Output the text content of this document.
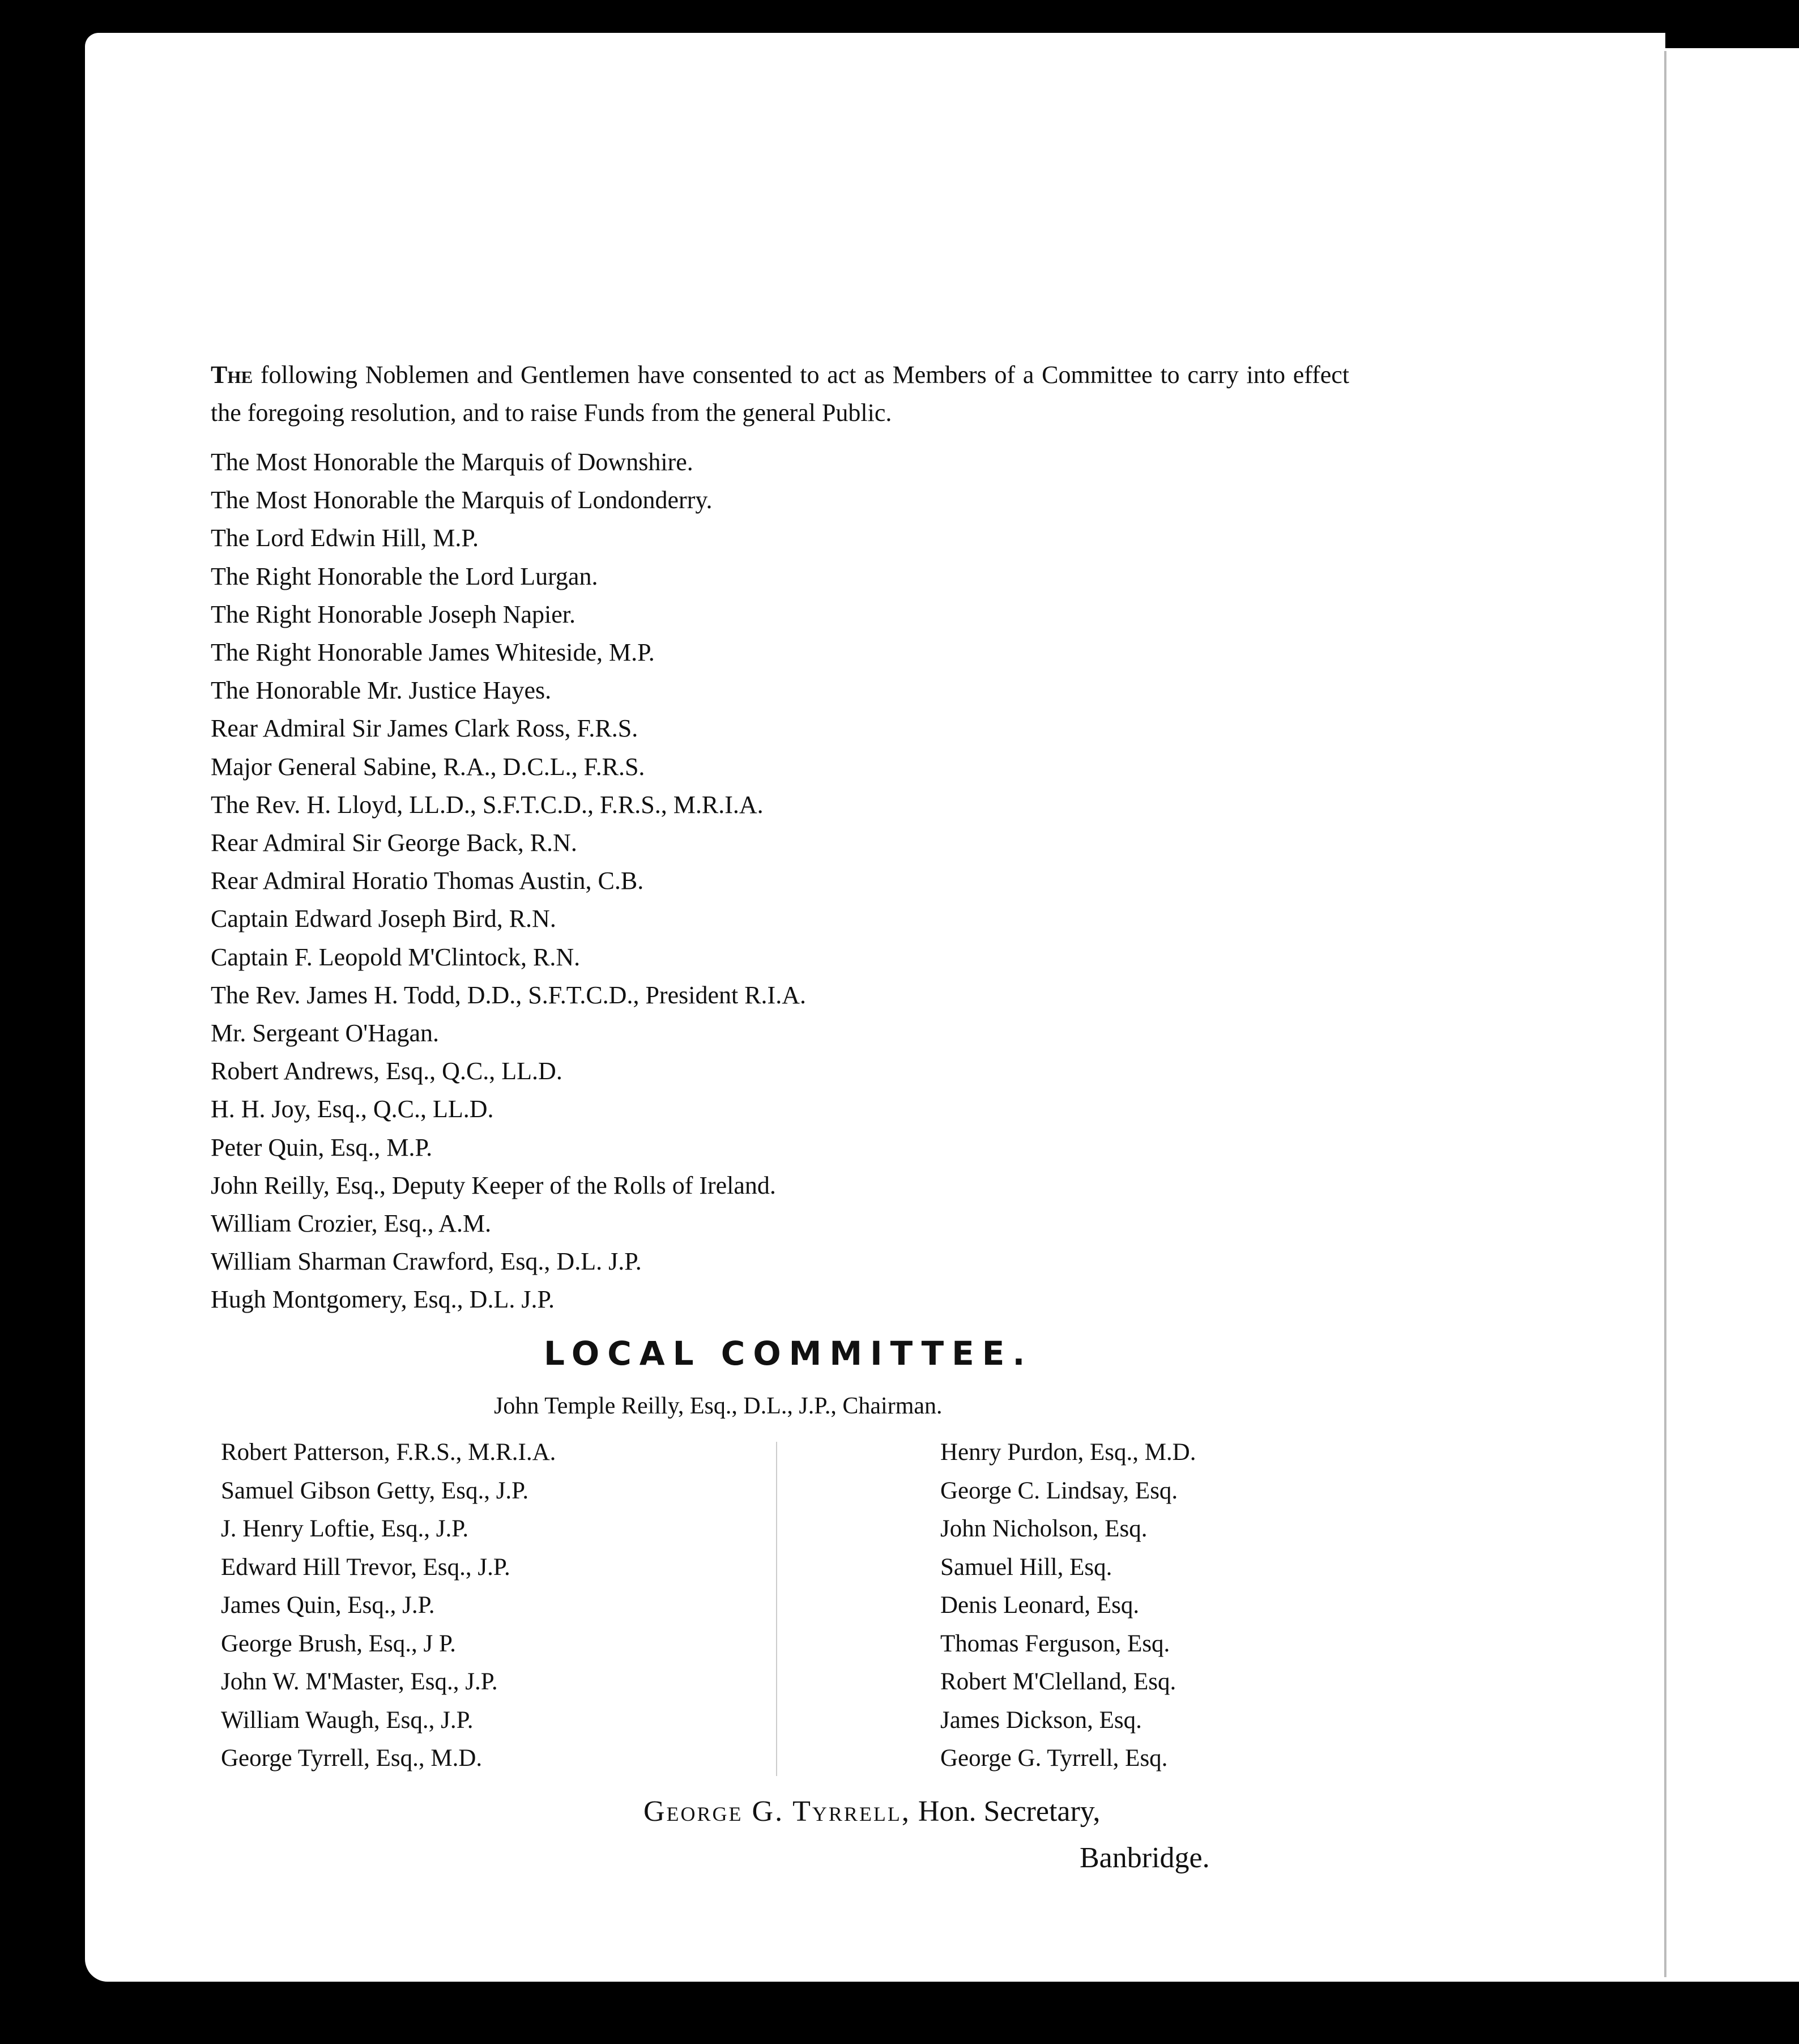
The following Noblemen and Gentlemen have consented to act as Members of a Committee to carry into effect the foregoing resolution, and to raise Funds from the general Public.
The Most Honorable the Marquis of Downshire.
The Most Honorable the Marquis of Londonderry.
The Lord Edwin Hill, M.P.
The Right Honorable the Lord Lurgan.
The Right Honorable Joseph Napier.
The Right Honorable James Whiteside, M.P.
The Honorable Mr. Justice Hayes.
Rear Admiral Sir James Clark Ross, F.R.S.
Major General Sabine, R.A., D.C.L., F.R.S.
The Rev. H. Lloyd, LL.D., S.F.T.C.D., F.R.S., M.R.I.A.
Rear Admiral Sir George Back, R.N.
Rear Admiral Horatio Thomas Austin, C.B.
Captain Edward Joseph Bird, R.N.
Captain F. Leopold M'Clintock, R.N.
The Rev. James H. Todd, D.D., S.F.T.C.D., President R.I.A.
Mr. Sergeant O'Hagan.
Robert Andrews, Esq., Q.C., LL.D.
H. H. Joy, Esq., Q.C., LL.D.
Peter Quin, Esq., M.P.
John Reilly, Esq., Deputy Keeper of the Rolls of Ireland.
William Crozier, Esq., A.M.
William Sharman Crawford, Esq., D.L. J.P.
Hugh Montgomery, Esq., D.L. J.P.
LOCAL COMMITTEE.
John Temple Reilly, Esq., D.L., J.P., Chairman.
Robert Patterson, F.R.S., M.R.I.A.
Samuel Gibson Getty, Esq., J.P.
J. Henry Loftie, Esq., J.P.
Edward Hill Trevor, Esq., J.P.
James Quin, Esq., J.P.
George Brush, Esq., J P.
John W. M'Master, Esq., J.P.
William Waugh, Esq., J.P.
George Tyrrell, Esq., M.D.
Henry Purdon, Esq., M.D.
George C. Lindsay, Esq.
John Nicholson, Esq.
Samuel Hill, Esq.
Denis Leonard, Esq.
Thomas Ferguson, Esq.
Robert M'Clelland, Esq.
James Dickson, Esq.
George G. Tyrrell, Esq.
George G. Tyrrell, Hon. Secretary,
Banbridge.
